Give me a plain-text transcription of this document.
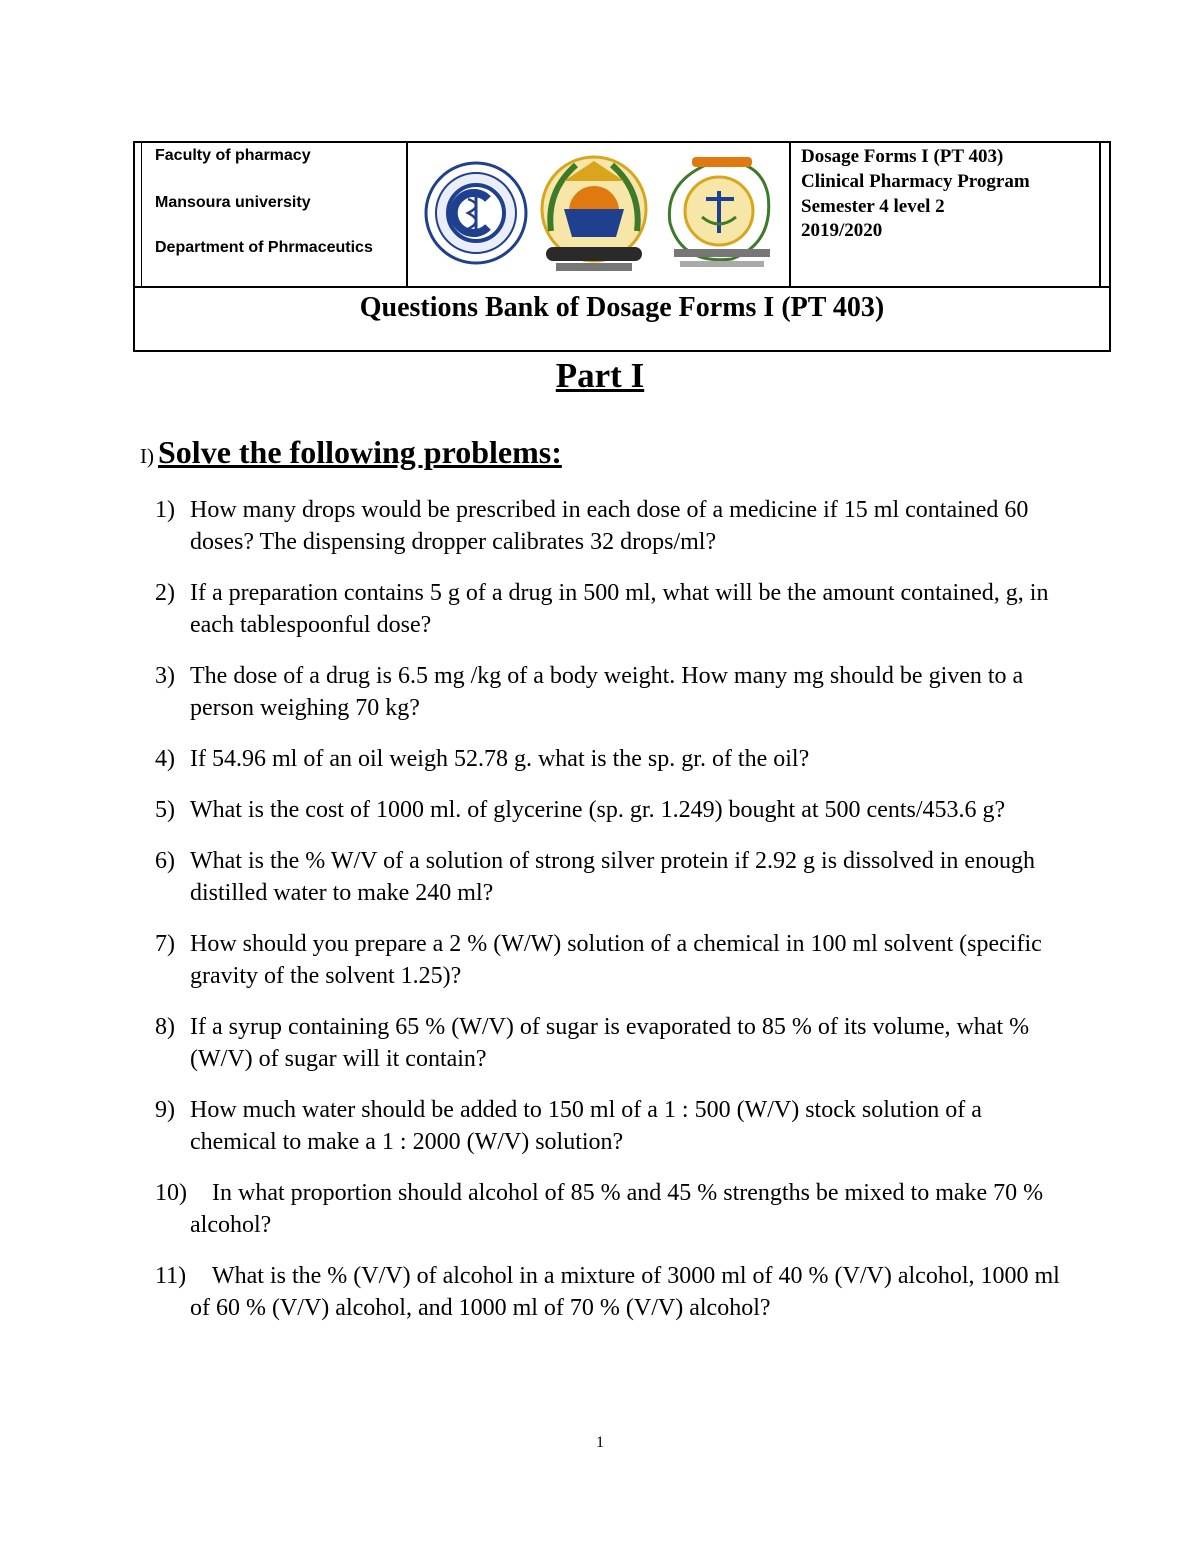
Faculty of pharmacy
Mansoura university
Department of Phrmaceutics
Dosage Forms I (PT 403)
Clinical Pharmacy Program
Semester 4 level 2
2019/2020
Questions Bank of Dosage Forms I (PT 403)
Part I
I) Solve the following problems:
1) How many drops would be prescribed in each dose of a medicine if 15 ml contained 60 doses? The dispensing dropper calibrates 32 drops/ml?
2) If a preparation contains 5 g of a drug in 500 ml, what will be the amount contained, g, in each tablespoonful dose?
3) The dose of a drug is 6.5 mg /kg of a body weight. How many mg should be given to a person weighing 70 kg?
4) If 54.96 ml of an oil weigh 52.78 g. what is the sp. gr. of the oil?
5) What is the cost of 1000 ml. of glycerine (sp. gr. 1.249) bought at 500 cents/453.6 g?
6) What is the % W/V of a solution of strong silver protein if 2.92 g is dissolved in enough distilled water to make 240 ml?
7) How should you prepare a 2 % (W/W) solution of a chemical in 100 ml solvent (specific gravity of the solvent 1.25)?
8) If a syrup containing 65 % (W/V) of sugar is evaporated to 85 % of its volume, what % (W/V) of sugar will it contain?
9) How much water should be added to 150 ml of a 1 : 500 (W/V) stock solution of a chemical to make a 1 : 2000 (W/V) solution?
10)	In what proportion should alcohol of 85 % and 45 % strengths be mixed to make 70 % alcohol?
11)	What is the % (V/V) of alcohol in a mixture of 3000 ml of 40 % (V/V) alcohol, 1000 ml of 60 % (V/V) alcohol, and 1000 ml of 70 % (V/V) alcohol?
1
